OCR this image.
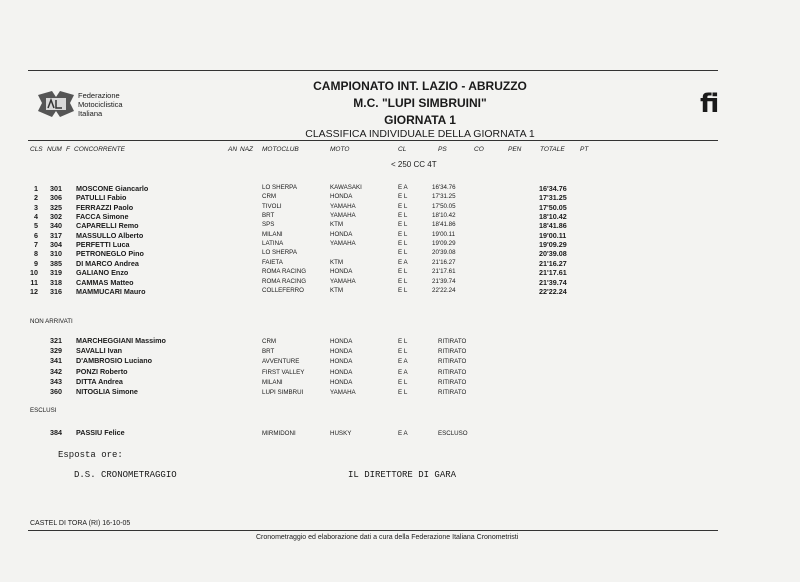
Federazione
Motociclistica
Italiana	fi
CAMPIONATO INT. LAZIO - ABRUZZO
M.C. "LUPI SIMBRUINI"
GIORNATA 1
CLASSIFICA INDIVIDUALE DELLA GIORNATA 1
CLS NUM F CONCORRENTE	AN NAZ MOTOCLUB	MOTO	CL	PS	CO	PEN	TOTALE PT
< 250 CC 4T
1 301 MOSCONE Giancarlo	LO SHERPA	KAWASAKI	E A	16'34.76	16'34.76
2 306 PATULLI Fabio	CRM	HONDA	E L	17'31.25	17'31.25
3 325 FERRAZZI Paolo	TIVOLI	YAMAHA	E L	17'50.05	17'50.05
4 302 FACCA Simone	BRT	YAMAHA	E L	18'10.42	18'10.42
5 340 CAPARELLI Remo	SPS	KTM	E L	18'41.86	18'41.86
6 317 MASSULLO Alberto	MILANI	HONDA	E L	19'00.11	19'00.11
7 304 PERFETTI Luca	LATINA	YAMAHA	E L	19'09.29	19'09.29
8 310 PETRONEGLO Pino	LO SHERPA	E L	20'39.08	20'39.08
9 385 DI MARCO Andrea	FAIETA	KTM	E A	21'16.27	21'16.27
10 319 GALIANO Enzo	ROMA RACING	HONDA	E L	21'17.61	21'17.61
11 318 CAMMAS Matteo	ROMA RACING	YAMAHA	E L	21'39.74	21'39.74
12 316 MAMMUCARI Mauro	COLLEFERRO	KTM	E L	22'22.24	22'22.24
NON ARRIVATI
321 MARCHEGGIANI Massimo	CRM	HONDA	E L	RITIRATO
329 SAVALLI Ivan	BRT	HONDA	E L	RITIRATO
341 D'AMBROSIO Luciano	AVVENTURE	HONDA	E A	RITIRATO
342 PONZI Roberto	FIRST VALLEY	HONDA	E A	RITIRATO
343 DITTA Andrea	MILANI	HONDA	E L	RITIRATO
360 NITOGLIA Simone	LUPI SIMBRUI	YAMAHA	E L	RITIRATO
ESCLUSI
384 PASSIU Felice	MIRMIDONI	HUSKY	E A	ESCLUSO
Esposta ore:
D.S. CRONOMETRAGGIO	IL DIRETTORE DI GARA
CASTEL DI TORA (RI) 16-10-05
Cronometraggio ed elaborazione dati a cura della Federazione Italiana Cronometristi
